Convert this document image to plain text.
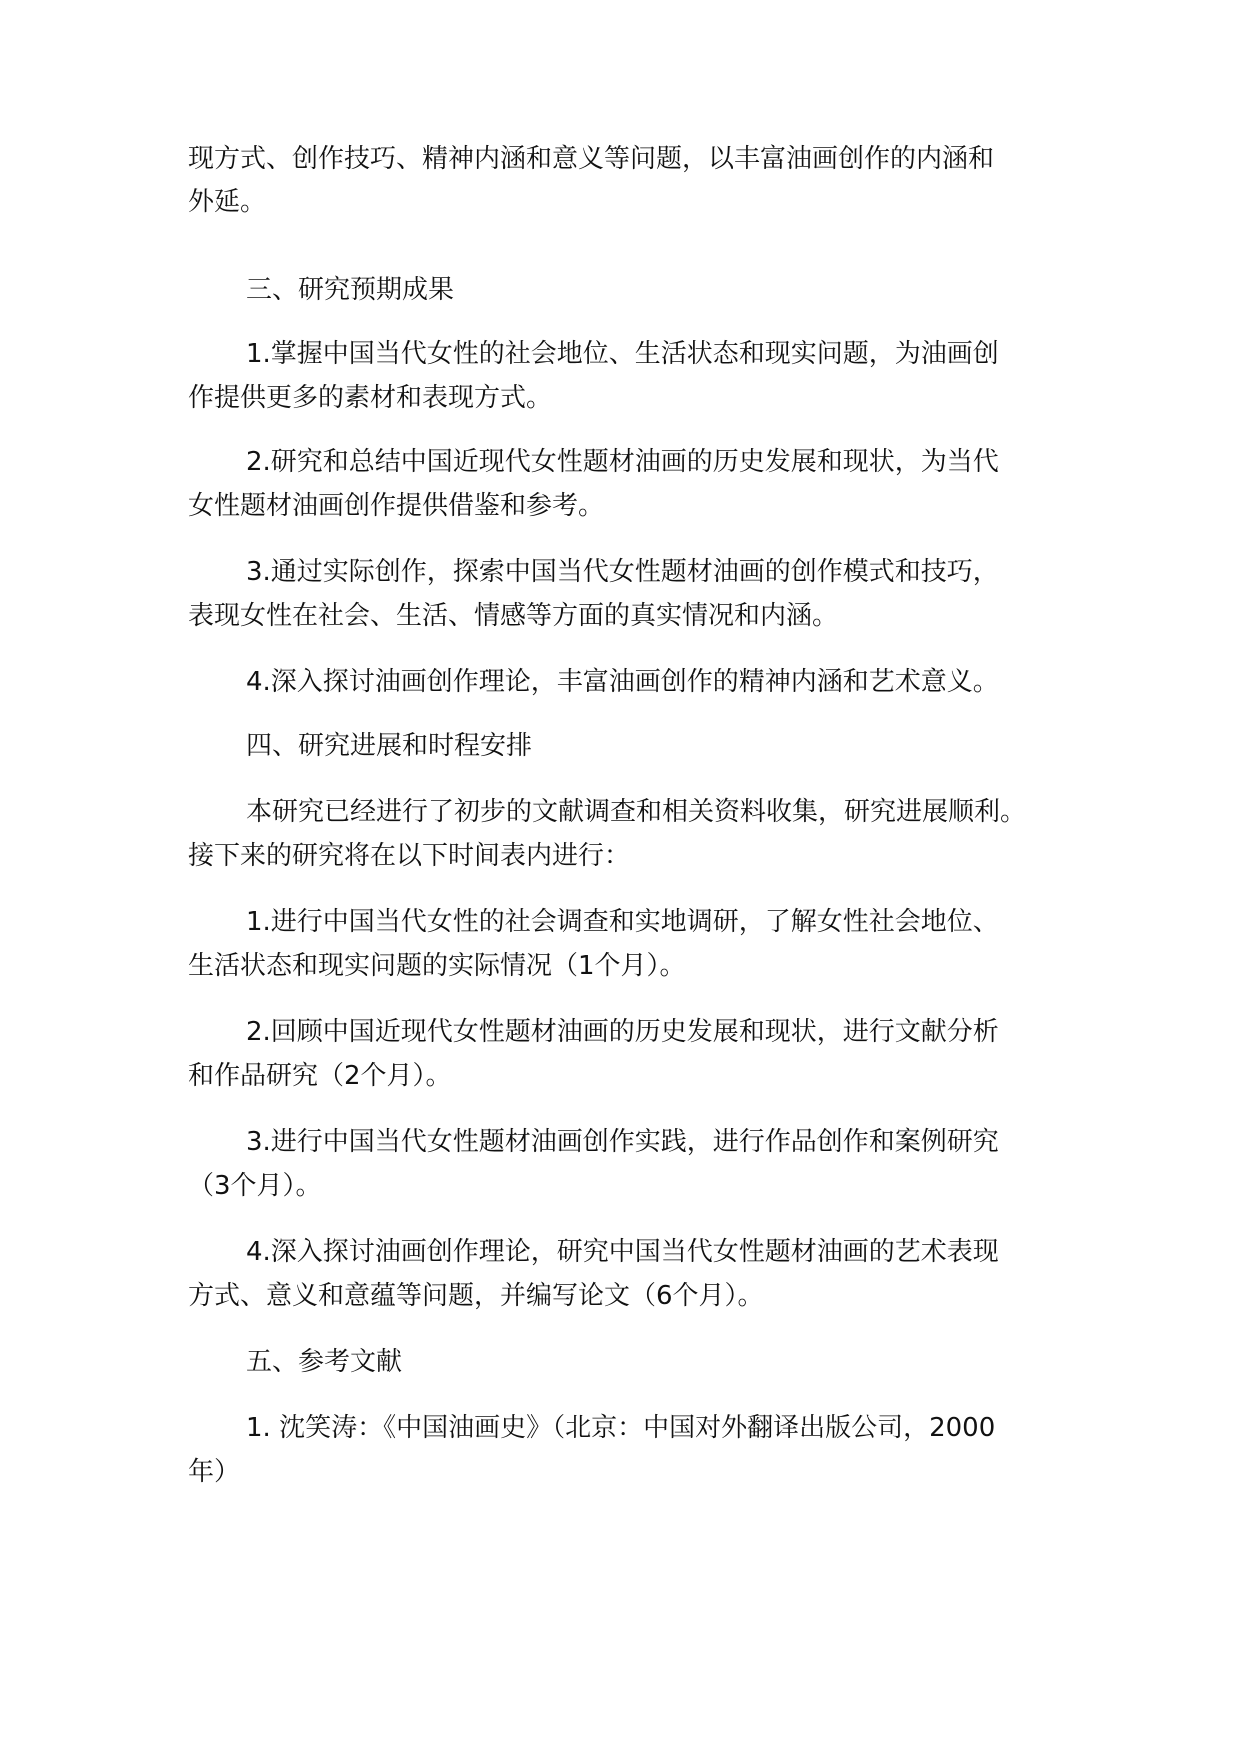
现方式、创作技巧、精神内涵和意义等问题，以丰富油画创作的内涵和
外延。
三、研究预期成果
1.掌握中国当代女性的社会地位、生活状态和现实问题，为油画创
作提供更多的素材和表现方式。
2.研究和总结中国近现代女性题材油画的历史发展和现状，为当代
女性题材油画创作提供借鉴和参考。
3.通过实际创作，探索中国当代女性题材油画的创作模式和技巧，
表现女性在社会、生活、情感等方面的真实情况和内涵。
4.深入探讨油画创作理论，丰富油画创作的精神内涵和艺术意义。
四、研究进展和时程安排
本研究已经进行了初步的文献调查和相关资料收集，研究进展顺利。
接下来的研究将在以下时间表内进行：
1.进行中国当代女性的社会调查和实地调研，了解女性社会地位、
生活状态和现实问题的实际情况（1个月）。
2.回顾中国近现代女性题材油画的历史发展和现状，进行文献分析
和作品研究（2个月）。
3.进行中国当代女性题材油画创作实践，进行作品创作和案例研究
（3个月）。
4.深入探讨油画创作理论，研究中国当代女性题材油画的艺术表现
方式、意义和意蕴等问题，并编写论文（6个月）。
五、参考文献
1. 沈笑涛：《中国油画史》（北京：中国对外翻译出版公司，2000
年）
